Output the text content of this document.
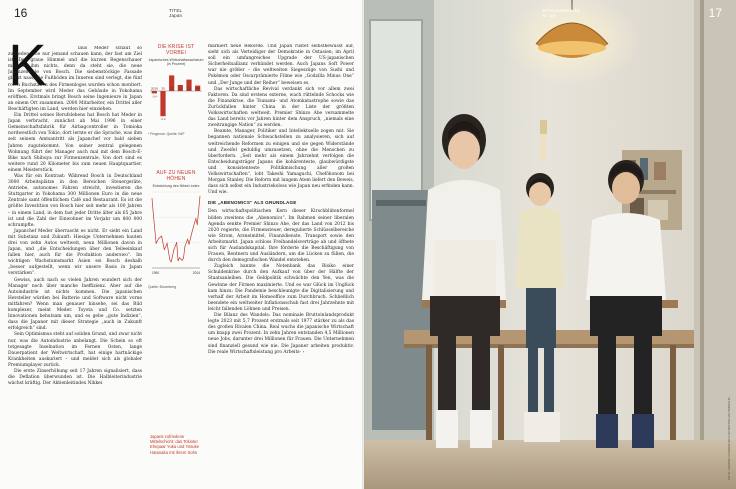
16	TITEL
Japan
K	laus Meder schaut so zufrieden, wie nur jemand schauen kann, der fast am Ziel ist. Der graue Himmel und die kurzen Regenschauer machen ihm nichts, denn da steht sie, die neue Japanzentrale von Bosch. Die siebenstöckige Fassade glänzt nass, die Fußböden im Inneren sind verlegt, die fünf roten Buchstaben des Firmenlogos wurden schon montiert. Im September wird Meder das Gebäude in Yokohama eröffnen. Erstmals bringt Bosch seine Ingenieure in Japan an einem Ort zusammen. 2000 Mitarbeiter, ein Drittel aller Beschäftigten im Land, werden hier einziehen.

Ein Drittel seines Berufslebens hat Bosch hat Meder in Japan verbracht, zunächst ab Mai 1996 in einer Gemeinschaftsfabrik für Airbagcontroller in Tomioka nordwestlich von Tokio, dort lernte er die Sprache, was ihm seit seinem Amtsantritt als Japanchef vor bald sieben Jahren zugutekommt. Von seiner zentral gelegenen Wohnung führt der Manager auch mal mit dem Bosch-E-Bike nach Shibuya zur Firmenzentrale. Von dort sind es weitere rund 20 Kilometer bis zum neuen Hauptquartier, einem Meisterstück.

Was für ein Kontrast: Während Bosch in Deutschland 3000 Arbeitsplätze in den Bereichen Steuergeräte, Antriebe, autonomes Fahren streicht, investieren die Stuttgarter in Yokohama 300 Millionen Euro in die neue Zentrale samt öffentlichem Café und Restaurant. Es ist die größte Investition von Bosch hier seit mehr als 100 Jahren – in einem Land, in dem fast jeder Dritte älter als 65 Jahre ist und die Zahl der Einwohner im Vorjahr um 800 000 schrumpfte.

Japanchef Meder überrascht es nicht. Er sieht ein Land mit Substanz und Zukunft: Hiesige Unternehmen bauten drei von zehn Autos weltweit, neun Millionen davon in Japan, und „die Entscheidungen über den Teileeinkauf fallen hier, auch für die Produktion anderswo“. Im wichtigen Wachstumsmarkt Asien sei Bosch deshalb „besser aufgestellt, wenn wir unsere Basis in Japan verstärken“.

Gewiss, auch nach so vielen Jahren wundert sich der Manager noch über manche Ineffizienz. Aber auf die Autoindustrie ist nichts kommen. Die japanischen Hersteller würden bei Batterie und Software nicht vorne mitfahren? Wenn man genauer hinsehe, sei das Bild komplexer, meint Meder. Toyota und Co. setzten Innovationen behutsam um, und es gebe „gute Indizien“, dass die Japaner mit dieser Strategie „auch in Zukunft erfolgreich“ sind.

Sein Optimismus steht auf soliden Grund, und zwar nicht nur, was die Autoindustrie anbelangt. Die Schein so oft totgesagte Inselnation im Fernen Osten, lange Dauerpatient der Weltwirtschaft, hat einige hartnäckige Krankheiten auskuriert – und meldet sich als globaler Premiumplayer zurück.

Die erste Zinserhöhung seit 17 Jahren signalisiert, dass die Deflation überwunden ist. Die Halbleiterindustrie wächst kräftig. Der Aktienleitindex Nikkei

DIE KRISE IST VORBEI
Japanisches Wirtschaftswachstum (in Prozent)
2019
-0,4
20
-4,2
21 22 23 24*
* Prognose; Quelle: IWF
AUF ZU NEUEN HÖHEN
Entwicklung des Nikkei-Index
1990	2024
Quelle: Bloomberg
Japans zufriedene Mittelschicht: das Tokioter Ehepaar Yuka und Yosuke Hatanaka mit ihrem Sohn

markiert neue Rekorde. Und Japan rüstet selbstbewusst auf, sieht sich als Verteidiger der Demokratie in Ostasien; im April soll ein umfangreiches Upgrade der US-japanischen Sicherheitsallianz verkündet werden. Auch Japans Soft Power war nie größer – die weltweiten Siegeszüge von Sushi und Pokémon oder Oscarprämierte Filme wie „Godzilla Minus One“ und „Der Junge und der Reiher“ beweisen es.

Das wirtschaftliche Revival verdankt sich vor allem zwei Faktoren. Da sind erstens externe, wach rüttelnde Schocks wie die Finanzkrise, die Tsunami- und Atomkatastrophe sowie das Zurückfallen hinter China in der Liste der größten Volkswirtschaften weltweit. Premier Shinzo Abe versammelte das Land bereits vor Jahren hinter dem Anspruch, „niemals eine zweitrangige Nation“ zu werden.

Beamte, Manager, Politiker und Intellektuelle zogen mit. Sie begannen nationale Schwachstellen zu analysieren, sich auf weitreichende Reformen zu einigen und sie gegen Widerstände und Zweifel geduldig umzusetzen, ohne die Menschen zu überfordern. „Seit mehr als einem Jahrzehnt verfolgen die Entscheidungsträger Japans die kohärenteste, glaubwürdigste und konsistenteste Politikmischung aller großen Volkswirtschaften“, lobt Takeshi Yamaguchi, Chefökonom bei Morgan Stanley. Die Reform mit langem Atem liefert den Beweis, dass sich selbst ein Industriekoloss wie Japan neu erfinden kann. Und wie.

DIE „ABENOMICS“ ALS GRUNDLAGE

Den wirtschaftspolitischen Kern dieser Kirschblütenformel bilden zweitens die „Abenomics“. Im Rahmen seiner liberalen Agenda senkte Premier Shinzo Abe, der das Land von 2012 bis 2020 regierte, die Firmensteuer, deregulierte Schlüsselbereiche wie Strom, Arzneimittel, Finanzdienste, Transport sowie den Arbeitsmarkt. Japan schloss Freihandelsverträge ab und öffnete sich für Auslandskapital. Ihre förderte die Beschäftigung von Frauen, Rentnern und Ausländern, um die Lücken zu füllen, die durch den demografischen Wandel entstehen.

Zugleich bannte die Notenbank das Risiko einer Schuldenkrise durch den Aufkauf von über der Hälfte der Staatsanleihen. Die Geldpolitik schwächte den Yen, was die Gewinne der Firmen maximierte. Und es war Glück im Unglück kam hinzu: Die Pandemie beschleunigte die Digitalisierung und verhalf der Arbeit im Homeoffice zum Durchbruch. Schließlich beendete ein weltweiter Inflationsschub fast drei Jahrzehnte mit leicht fallenden Löhnen und Preisen.

Die Bilanz des Wandels: Das nominale Bruttoinlandsprodukt legte 2023 mit 5,7 Prozent erstmals seit 1977 stärker zu als das des großen Rivalen China. Real wuchs die japanische Wirtschaft um knapp zwei Prozent. In zehn Jahren entstanden 4,5 Millionen neue Jobs, darunter drei Millionen für Frauen. Die Unternehmen sind finanziell gesund wie nie. Die Japaner arbeiten produktiv. Die reale Wirtschaftsleistung pro Arbeits- ›

17
Wirtschaftswoche
Nr. 16
FOTO: MAMORU KAWAMURA FÜR WIRTSCHAFTSWOCHE
